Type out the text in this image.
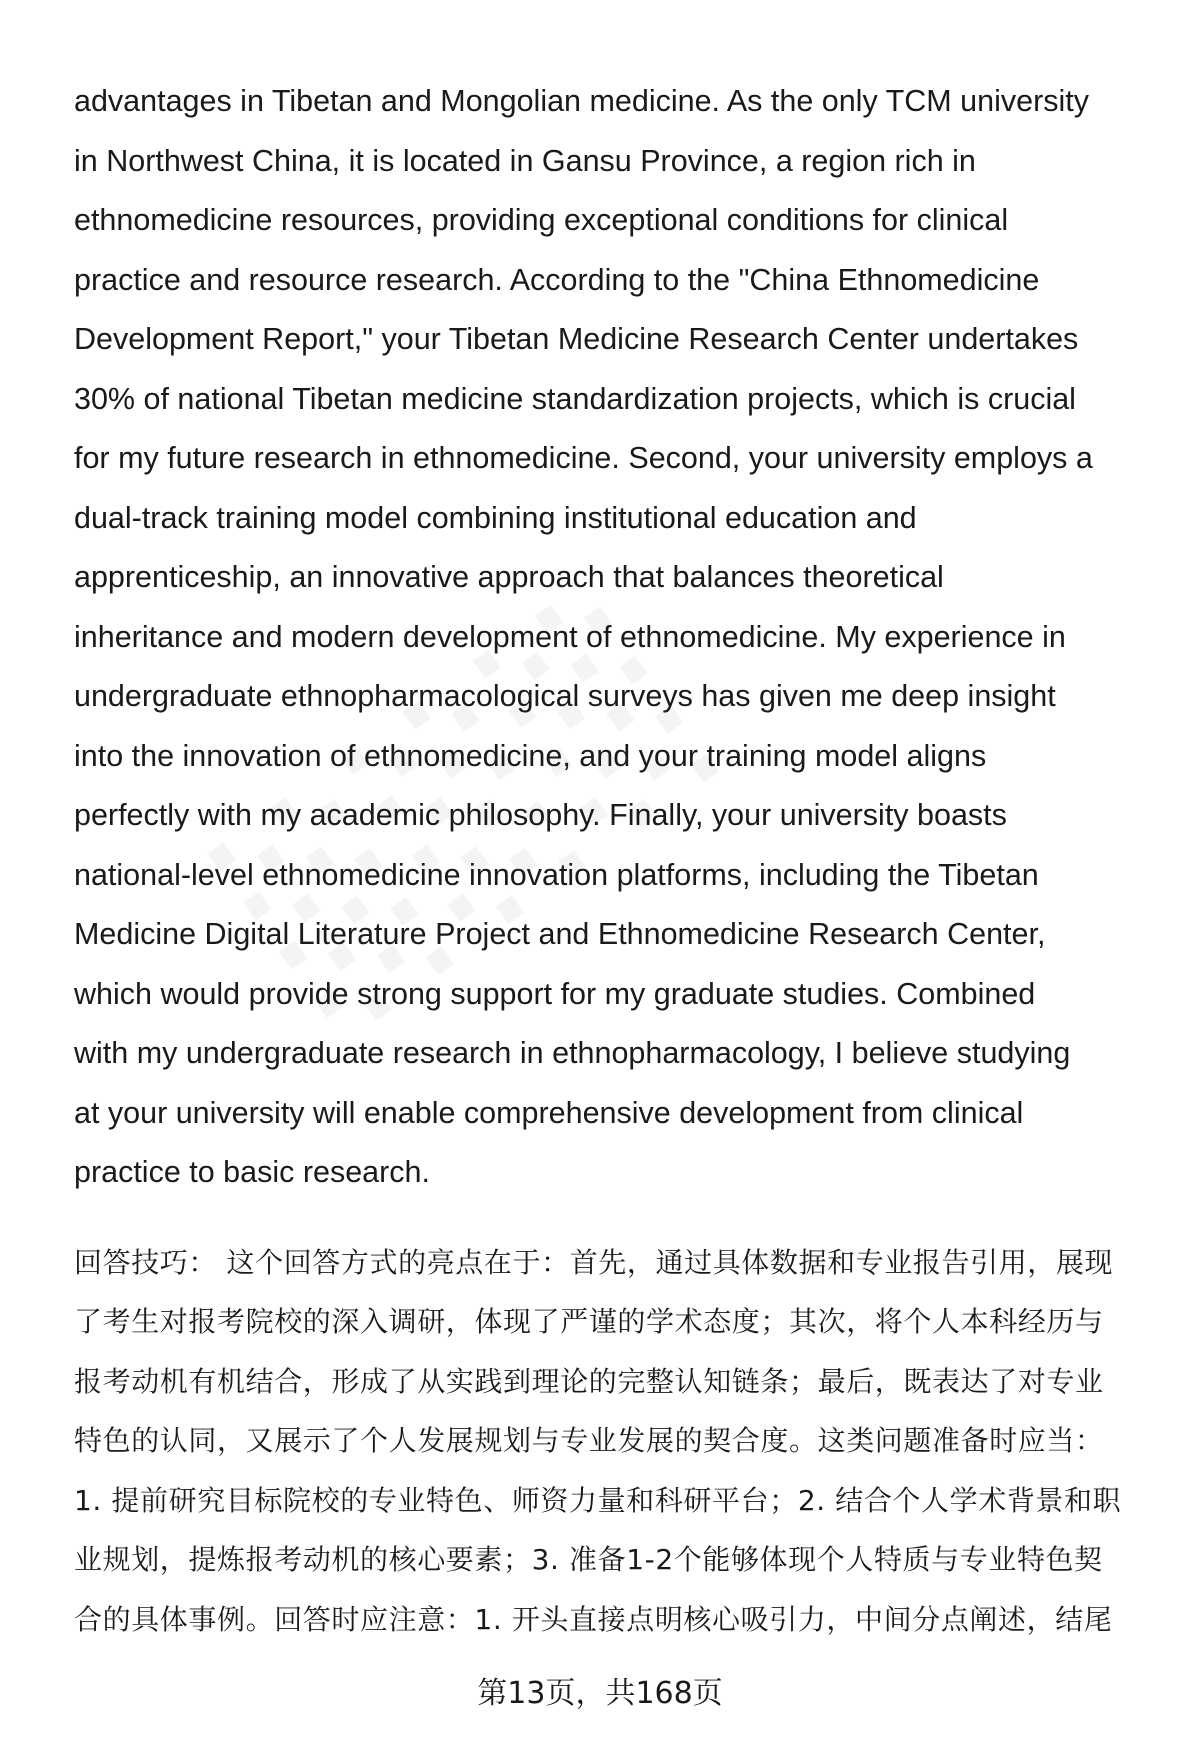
advantages in Tibetan and Mongolian medicine. As the only TCM university
in Northwest China, it is located in Gansu Province, a region rich in
ethnomedicine resources, providing exceptional conditions for clinical
practice and resource research. According to the "China Ethnomedicine
Development Report," your Tibetan Medicine Research Center undertakes
30% of national Tibetan medicine standardization projects, which is crucial
for my future research in ethnomedicine. Second, your university employs a
dual-track training model combining institutional education and
apprenticeship, an innovative approach that balances theoretical
inheritance and modern development of ethnomedicine. My experience in
undergraduate ethnopharmacological surveys has given me deep insight
into the innovation of ethnomedicine, and your training model aligns
perfectly with my academic philosophy. Finally, your university boasts
national-level ethnomedicine innovation platforms, including the Tibetan
Medicine Digital Literature Project and Ethnomedicine Research Center,
which would provide strong support for my graduate studies. Combined
with my undergraduate research in ethnopharmacology, I believe studying
at your university will enable comprehensive development from clinical
practice to basic research.
回答技巧： 这个回答方式的亮点在于：首先，通过具体数据和专业报告引用，展现
了考生对报考院校的深入调研，体现了严谨的学术态度；其次，将个人本科经历与
报考动机有机结合，形成了从实践到理论的完整认知链条；最后，既表达了对专业
特色的认同，又展示了个人发展规划与专业发展的契合度。这类问题准备时应当：
1. 提前研究目标院校的专业特色、师资力量和科研平台；2. 结合个人学术背景和职
业规划，提炼报考动机的核心要素；3. 准备1-2个能够体现个人特质与专业特色契
合的具体事例。回答时应注意：1. 开头直接点明核心吸引力，中间分点阐述，结尾
第13页，共168页
